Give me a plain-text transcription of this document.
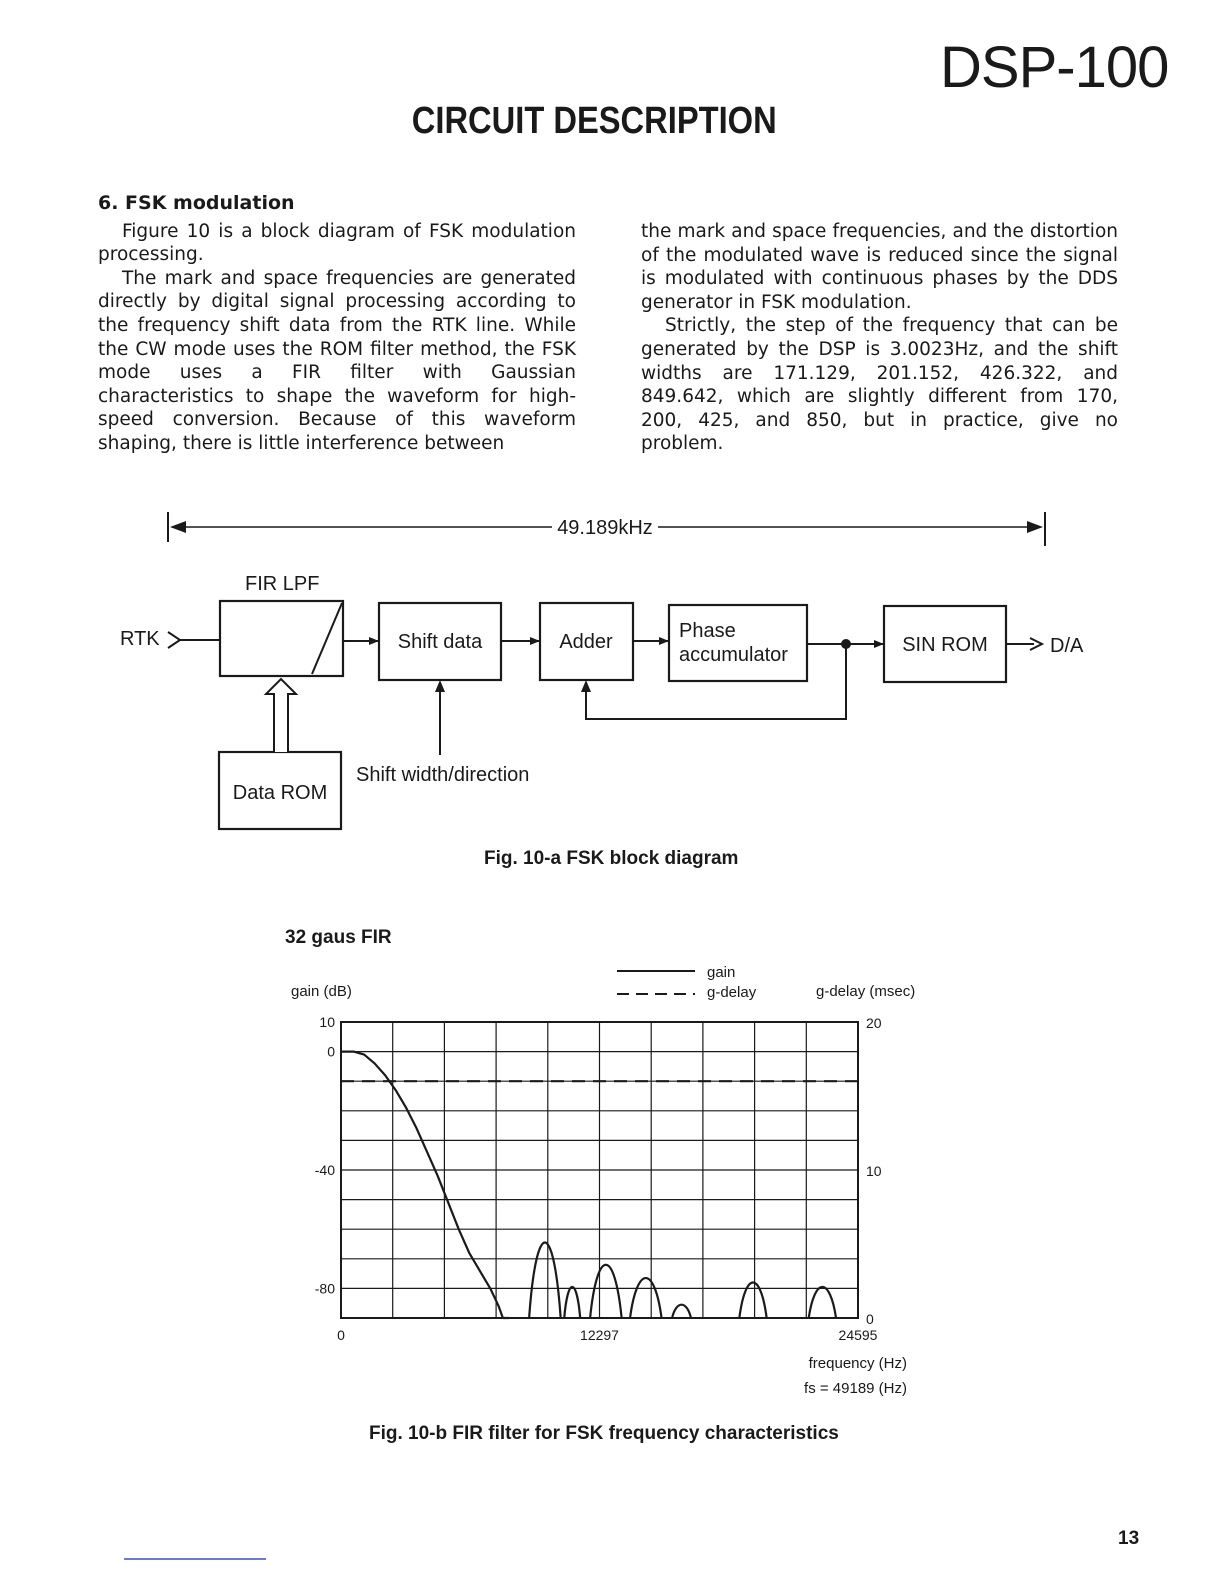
DSP-100
CIRCUIT DESCRIPTION
6. FSK modulation

Figure 10 is a block diagram of FSK modulation processing.

The mark and space frequencies are generated directly by digital signal processing according to the frequency shift data from the RTK line. While the CW mode uses the ROM filter method, the FSK mode uses a FIR filter with Gaussian characteristics to shape the waveform for high-speed conversion. Because of this waveform shaping, there is little interference between

the mark and space frequencies, and the distortion of the modulated wave is reduced since the signal is modulated with continuous phases by the DDS generator in FSK modulation.

Strictly, the step of the frequency that can be generated by the DSP is 3.0023Hz, and the shift widths are 171.129, 201.152, 426.322, and 849.642, which are slightly different from 170, 200, 425, and 850, but in practice, give no problem.

49.189kHz
RTK
FIR LPF
Shift data	Adder	Phase
accumulator	SIN ROM	D/A
Data ROM
Shift width/direction
Fig. 10-a FSK block diagram
32 gaus FIR
gain (dB)	g-delay (msec)
gain
g-delay
0	12297	24595
10
0
-40
-80
20
10
0
frequency (Hz)
fs = 49189 (Hz)
Fig. 10-b FIR filter for FSK frequency characteristics
13
